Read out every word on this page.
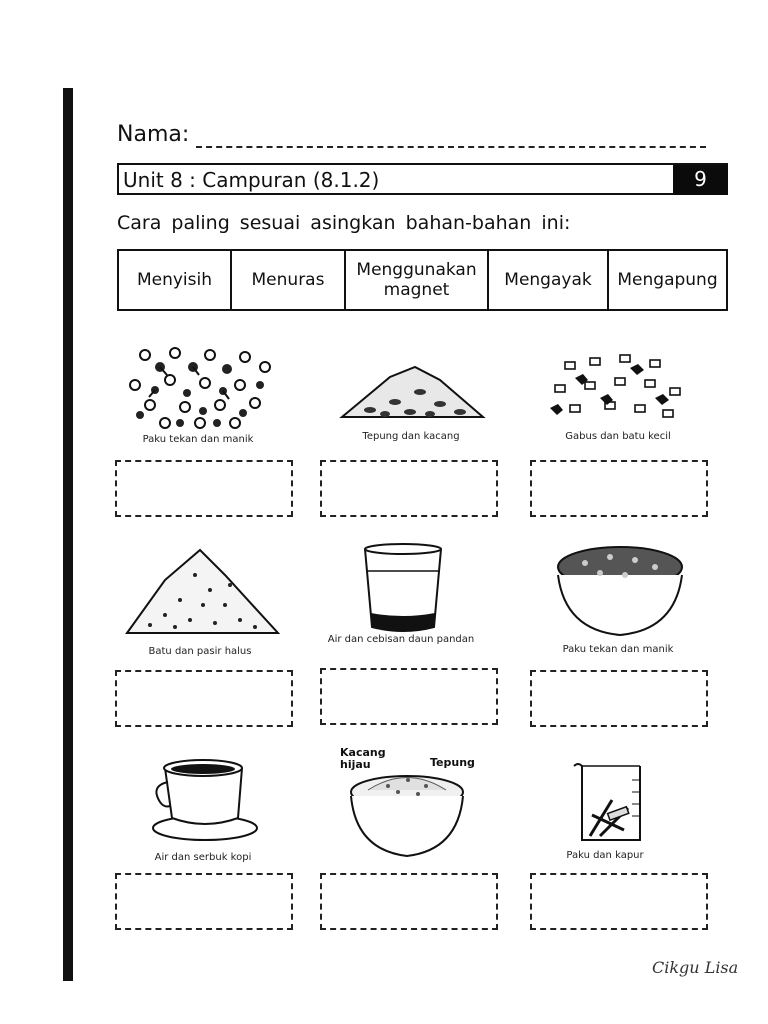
Nama:
Unit 8 : Campuran (8.1.2)	9
Cara paling sesuai asingkan bahan-bahan ini:
Menyisih	Menuras	Menggunakan magnet	Mengayak	Mengapung
Paku tekan dan manik	Tepung dan kacang	Gabus dan batu kecil
Batu dan pasir halus
Air dan cebisan daun pandan
Paku tekan dan manik
Kacang hijau	Tepung
Air dan serbuk kopi	Paku dan kapur
Cikgu Lisa
